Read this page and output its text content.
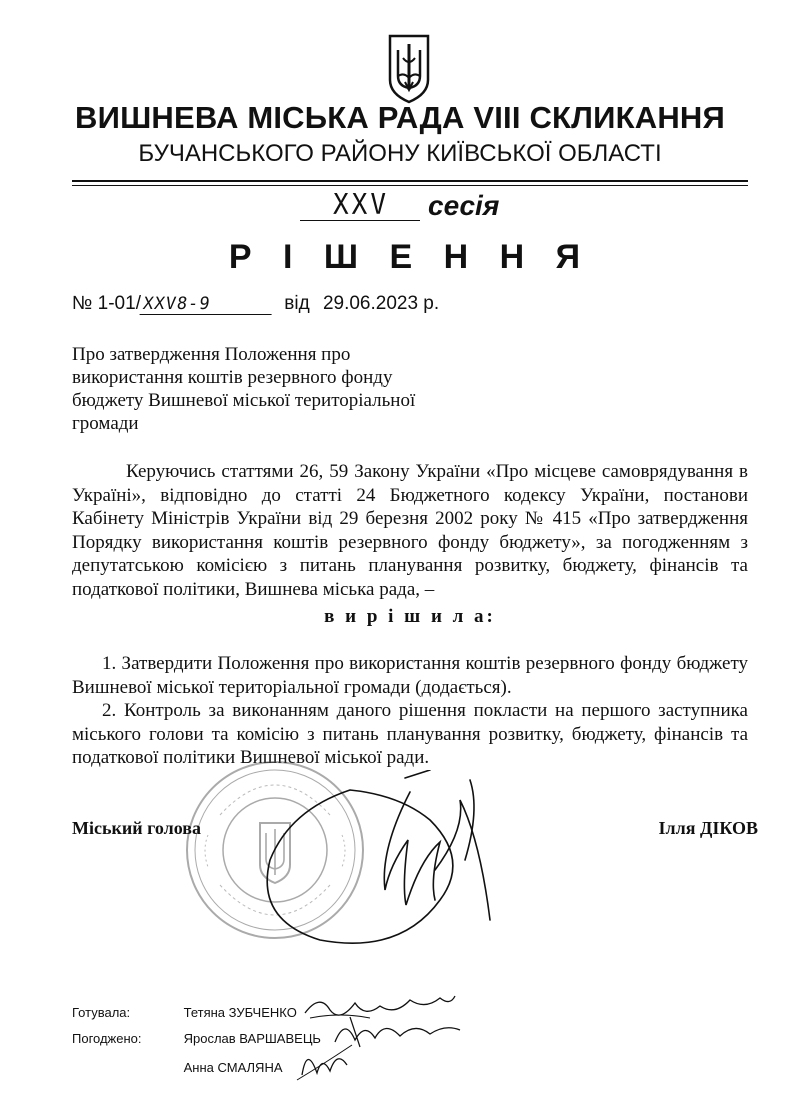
ВИШНЕВА МІСЬКА РАДА VIII СКЛИКАННЯ
БУЧАНСЬКОГО РАЙОНУ КИЇВСЬКОЇ ОБЛАСТІ
XXV	сесія
Р І Ш Е Н Н Я
№ 1-01/XXV8-9	від 29.06.2023 р.
Про затвердження Положення про використання коштів резервного фонду бюджету Вишневої міської територіальної громади
Керуючись статтями 26, 59 Закону України «Про місцеве самоврядування в Україні», відповідно до статті 24 Бюджетного кодексу України, постанови Кабінету Міністрів України від 29 березня 2002 року № 415 «Про затвердження Порядку використання коштів резервного фонду бюджету», за погодженням з депутатською комісією з питань планування розвитку, бюджету, фінансів та податкової політики, Вишнева міська рада, –
в и р і ш и л а:

1. Затвердити Положення про використання коштів резервного фонду бюджету Вишневої міської територіальної громади (додається).

2. Контроль за виконанням даного рішення покласти на першого заступника міського голови та комісію з питань планування розвитку, бюджету, фінансів та податкової політики Вишневої міської ради.

Міський голова	Ілля ДІКОВ
Готувала:	Тетяна ЗУБЧЕНКО
Погоджено:	Ярослав ВАРШАВЕЦЬ
Анна СМАЛЯНА
